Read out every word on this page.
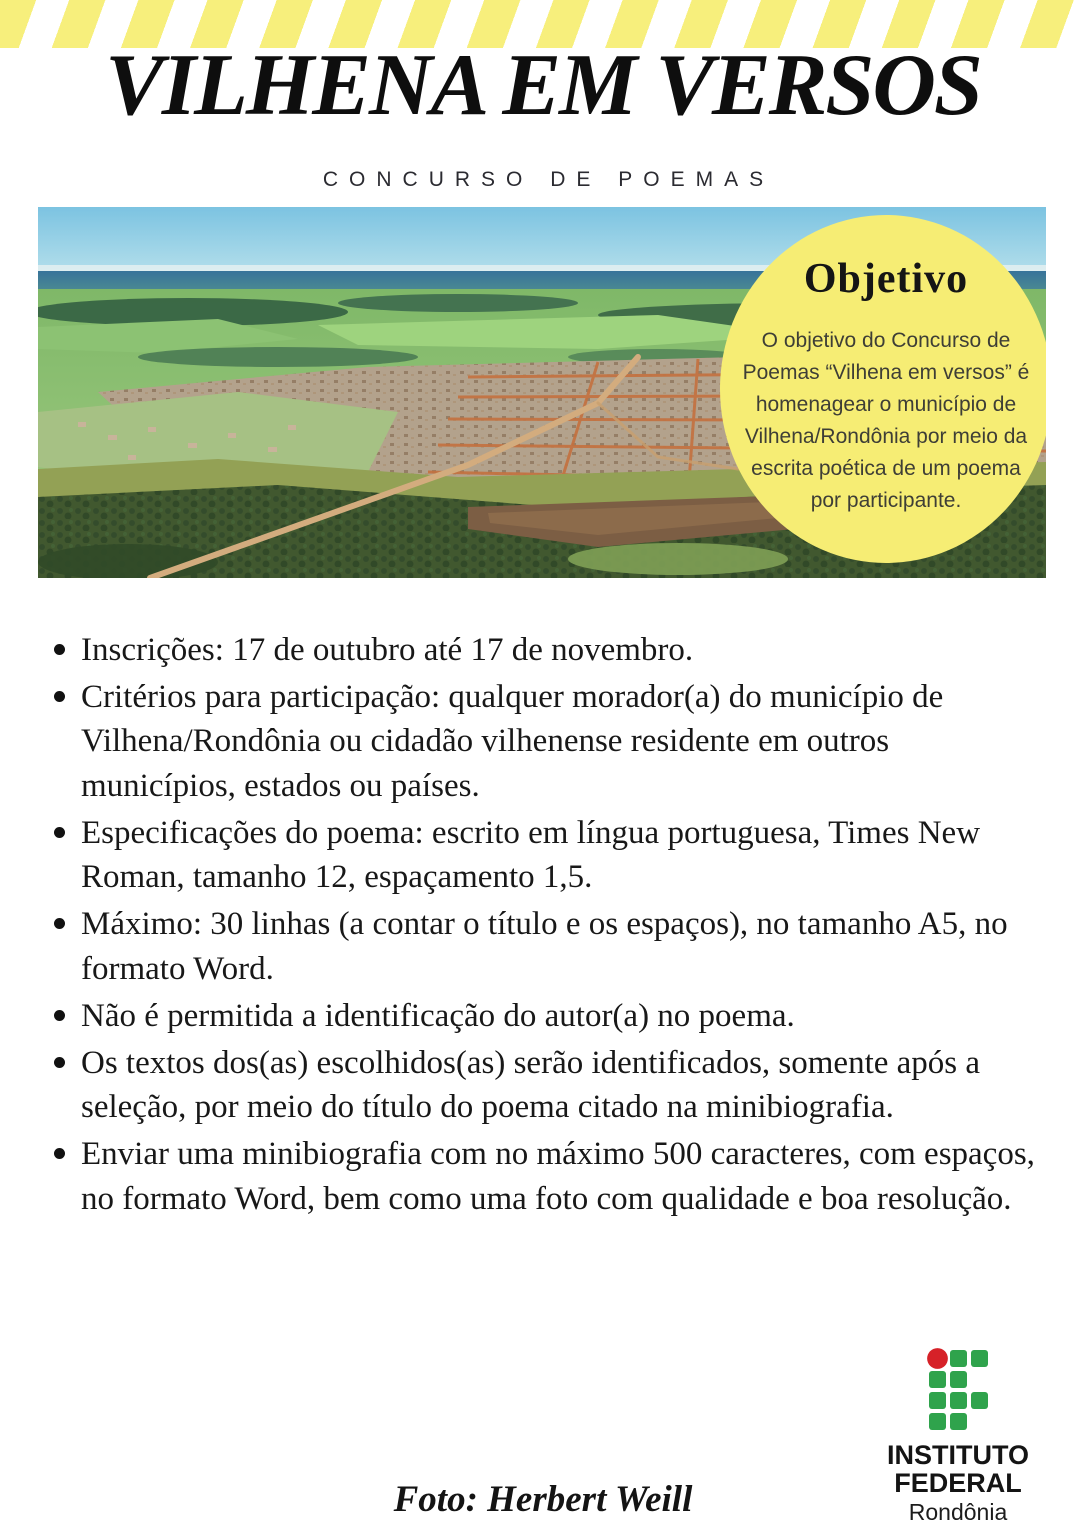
VILHENA EM VERSOS
CONCURSO DE POEMAS
Objetivo
O objetivo do Concurso de Poemas “Vilhena em versos” é homenagear o município de Vilhena/Rondônia por meio da escrita poética de um poema por participante.
Inscrições: 17 de outubro até 17 de novembro.
Critérios para participação: qualquer morador(a) do município de Vilhena/Rondônia ou cidadão vilhenense residente em outros municípios, estados ou países.
Especificações do poema: escrito em língua portuguesa, Times New Roman, tamanho 12, espaçamento 1,5.
Máximo: 30 linhas (a contar o título e os espaços), no tamanho A5, no formato Word.
Não é permitida a identificação do autor(a) no poema.
Os textos dos(as) escolhidos(as) serão identificados, somente após a seleção, por meio do título do poema citado na minibiografia.
Enviar uma minibiografia com no máximo 500 caracteres, com espaços, no formato Word, bem como uma foto com qualidade e boa resolução.
INSTITUTO
FEDERAL
Rondônia
Foto: Herbert Weill
